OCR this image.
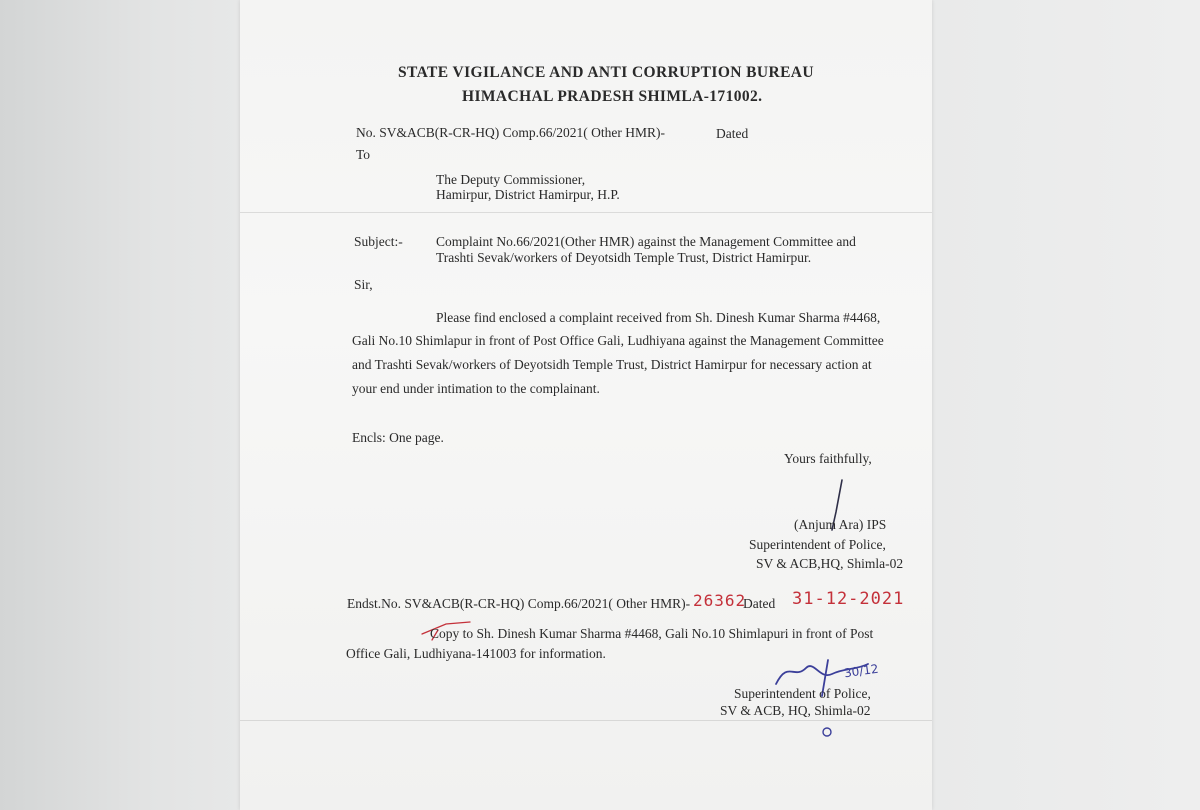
STATE VIGILANCE AND ANTI CORRUPTION BUREAU
HIMACHAL PRADESH SHIMLA-171002.
No. SV&ACB(R-CR-HQ) Comp.66/2021( Other HMR)-	Dated
To
The Deputy Commissioner,
Hamirpur, District Hamirpur, H.P.
Subject:- Complaint No.66/2021(Other HMR) against the Management Committee and
Trashti Sevak/workers of Deyotsidh Temple Trust, District Hamirpur.
Sir,
Please find enclosed a complaint received from Sh. Dinesh Kumar Sharma #4468,
Gali No.10 Shimlapur in front of Post Office Gali, Ludhiyana against the Management Committee
and Trashti Sevak/workers of Deyotsidh Temple Trust, District Hamirpur for necessary action at
your end under intimation to the complainant.
Encls: One page.
Yours faithfully,
(Anjum Ara) IPS
Superintendent of Police,
SV & ACB,HQ, Shimla-02
Endst.No. SV&ACB(R-CR-HQ) Comp.66/2021( Other HMR)- 26362
Dated 31-12-2021
Copy to Sh. Dinesh Kumar Sharma #4468, Gali No.10 Shimlapuri in front of Post
Office Gali, Ludhiyana-141003 for information.
30/12
Superintendent of Police,
SV & ACB, HQ, Shimla-02
